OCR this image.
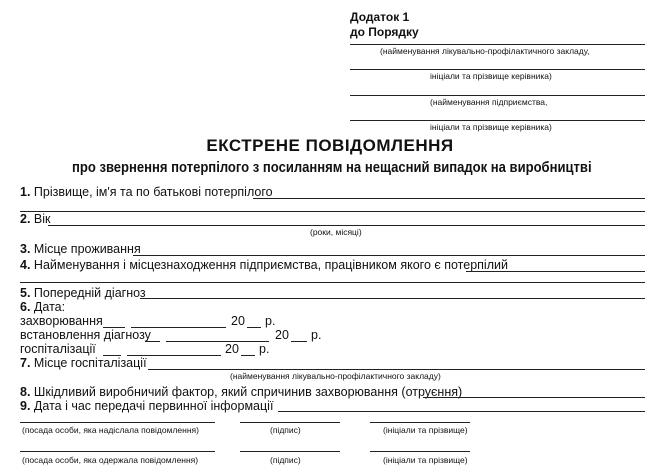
Додаток 1
до Порядку
(найменування лікувально-профілактичного закладу,
ініціали та прізвище керівника)
(найменування підприємства,
ініціали та прізвище керівника)
ЕКСТРЕНЕ ПОВІДОМЛЕННЯ
про звернення потерпілого з посиланням на нещасний випадок на виробництві
1. Прізвище, ім'я та по батькові потерпілого
2. Вік
(роки, місяці)
3. Місце проживання
4. Найменування і місцезнаходження підприємства, працівником якого є потерпілий
5. Попередній діагноз
6. Дата:
захворювання	20 р.
встановлення діагнозу	20 р.
госпіталізації	20 р.
7. Місце госпіталізації
(найменування лікувально-профілактичного закладу)
8. Шкідливий виробничий фактор, який спричинив захворювання (отруєння)
9. Дата і час передачі первинної інформації
(посада особи, яка надіслала повідомлення)	(підпис)	(ініціали та прізвище)
(посада особи, яка одержала повідомлення)	(підпис)	(ініціали та прізвище)
